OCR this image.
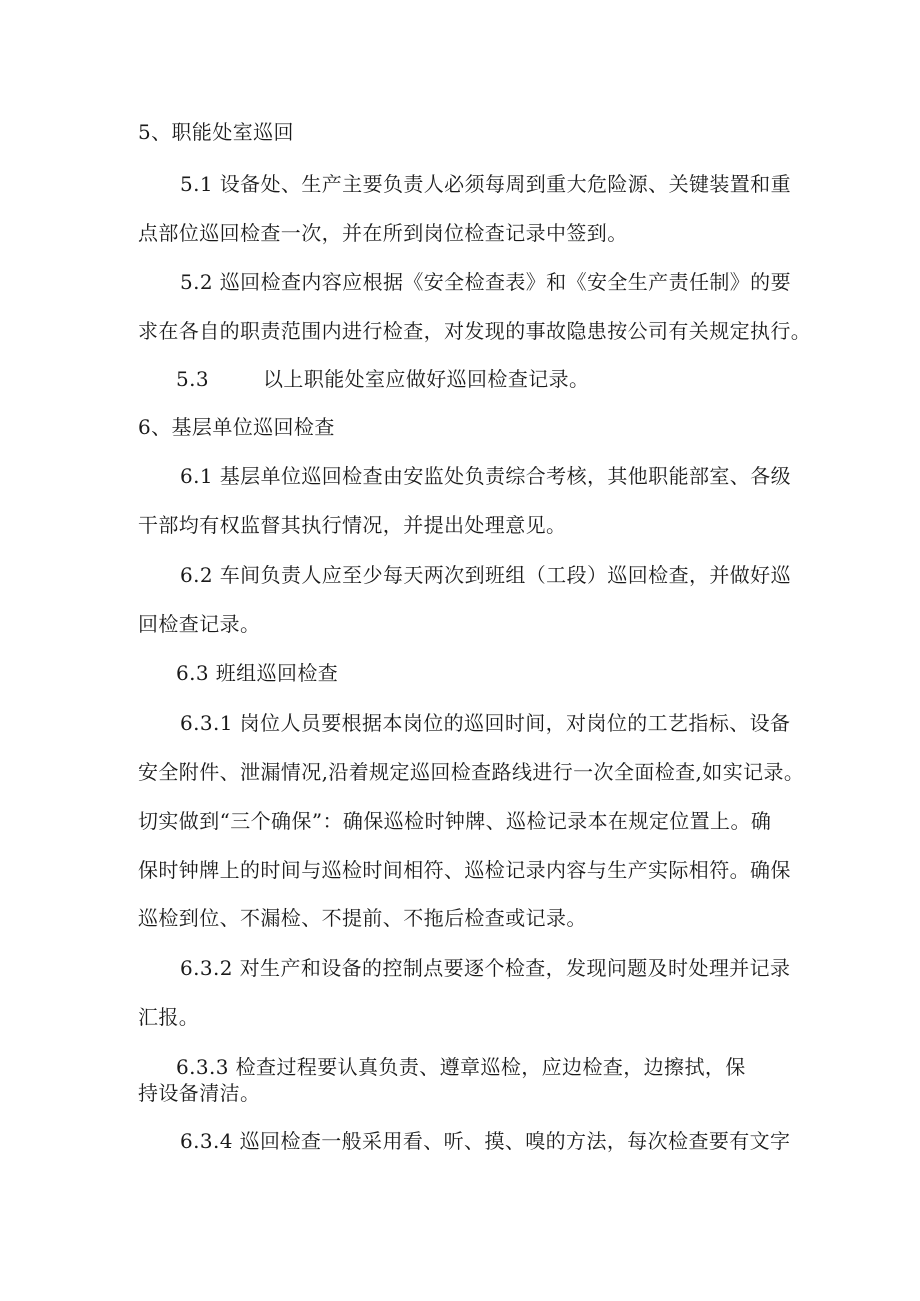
5、职能处室巡回
5.1 设备处、生产主要负责人必须每周到重大危险源、关键装置和重
点部位巡回检查一次，并在所到岗位检查记录中签到。
5.2 巡回检查内容应根据《安全检查表》和《安全生产责任制》的要
求在各自的职责范围内进行检查，对发现的事故隐患按公司有关规定执行。
5.3	以上职能处室应做好巡回检查记录。
6、基层单位巡回检查
6.1 基层单位巡回检查由安监处负责综合考核，其他职能部室、各级
干部均有权监督其执行情况，并提出处理意见。
6.2 车间负责人应至少每天两次到班组（工段）巡回检查，并做好巡
回检查记录。
6.3 班组巡回检查
6.3.1 岗位人员要根据本岗位的巡回时间，对岗位的工艺指标、设备
安全附件、泄漏情况,沿着规定巡回检查路线进行一次全面检查,如实记录。
切实做到“三个确保”：确保巡检时钟牌、巡检记录本在规定位置上。确
保时钟牌上的时间与巡检时间相符、巡检记录内容与生产实际相符。确保
巡检到位、不漏检、不提前、不拖后检查或记录。
6.3.2 对生产和设备的控制点要逐个检查，发现问题及时处理并记录
汇报。
6.3.3 检查过程要认真负责、遵章巡检，应边检查，边擦拭，保
持设备清洁。
6.3.4 巡回检查一般采用看、听、摸、嗅的方法，每次检查要有文字
